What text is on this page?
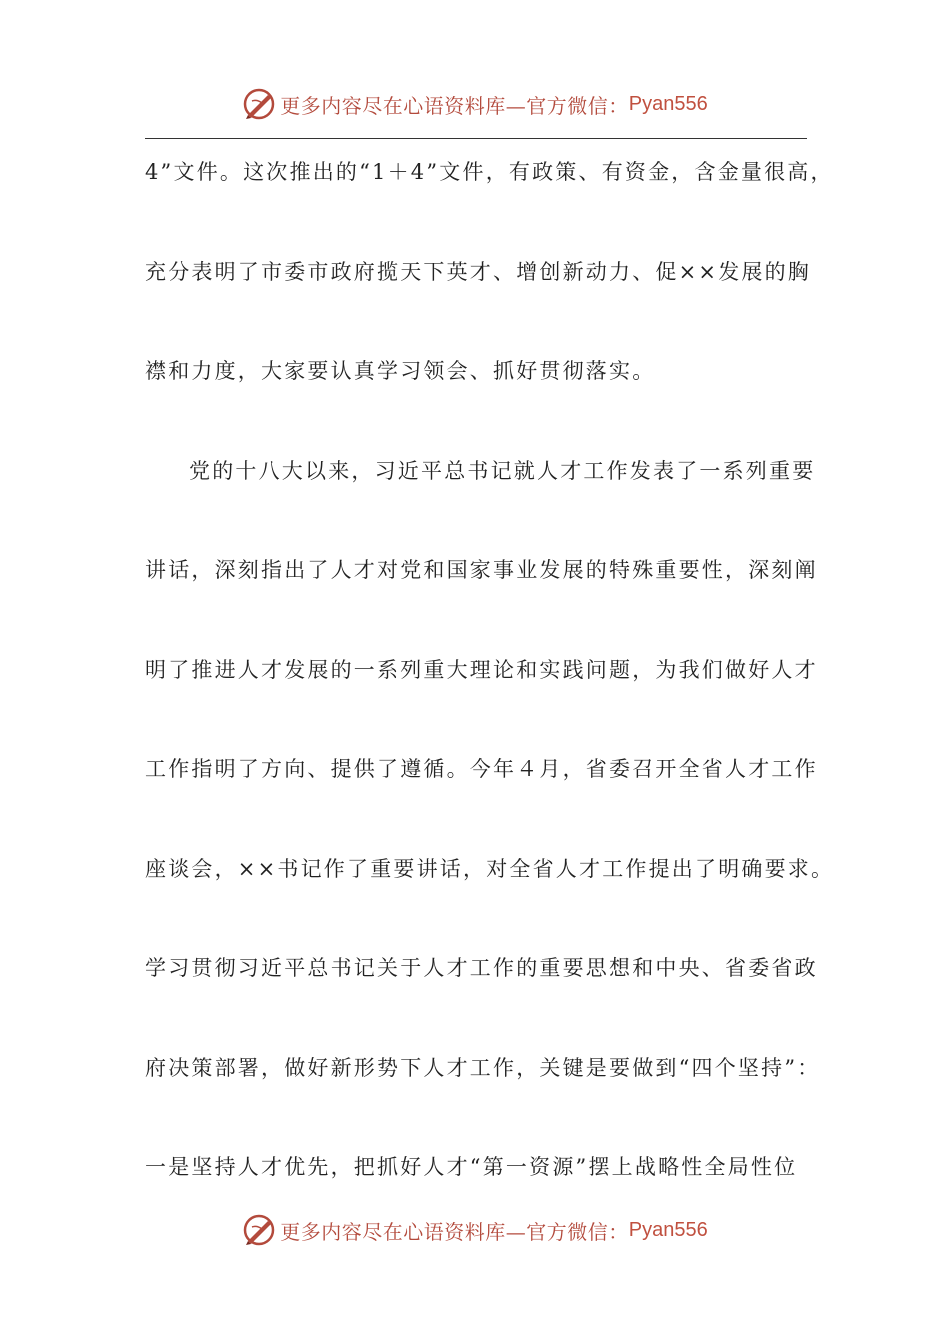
更多内容尽在心语资料库—官方微信： Pyan556
4”文件。这次推出的“1＋4”文件，有政策、有资金，含金量很高，
充分表明了市委市政府揽天下英才、增创新动力、促××发展的胸
襟和力度，大家要认真学习领会、抓好贯彻落实。
党的十八大以来，习近平总书记就人才工作发表了一系列重要
讲话，深刻指出了人才对党和国家事业发展的特殊重要性，深刻阐
明了推进人才发展的一系列重大理论和实践问题，为我们做好人才
工作指明了方向、提供了遵循。今年４月，省委召开全省人才工作
座谈会，××书记作了重要讲话，对全省人才工作提出了明确要求。
学习贯彻习近平总书记关于人才工作的重要思想和中央、省委省政
府决策部署，做好新形势下人才工作，关键是要做到“四个坚持”：
一是坚持人才优先，把抓好人才“第一资源”摆上战略性全局性位
更多内容尽在心语资料库—官方微信： Pyan556
